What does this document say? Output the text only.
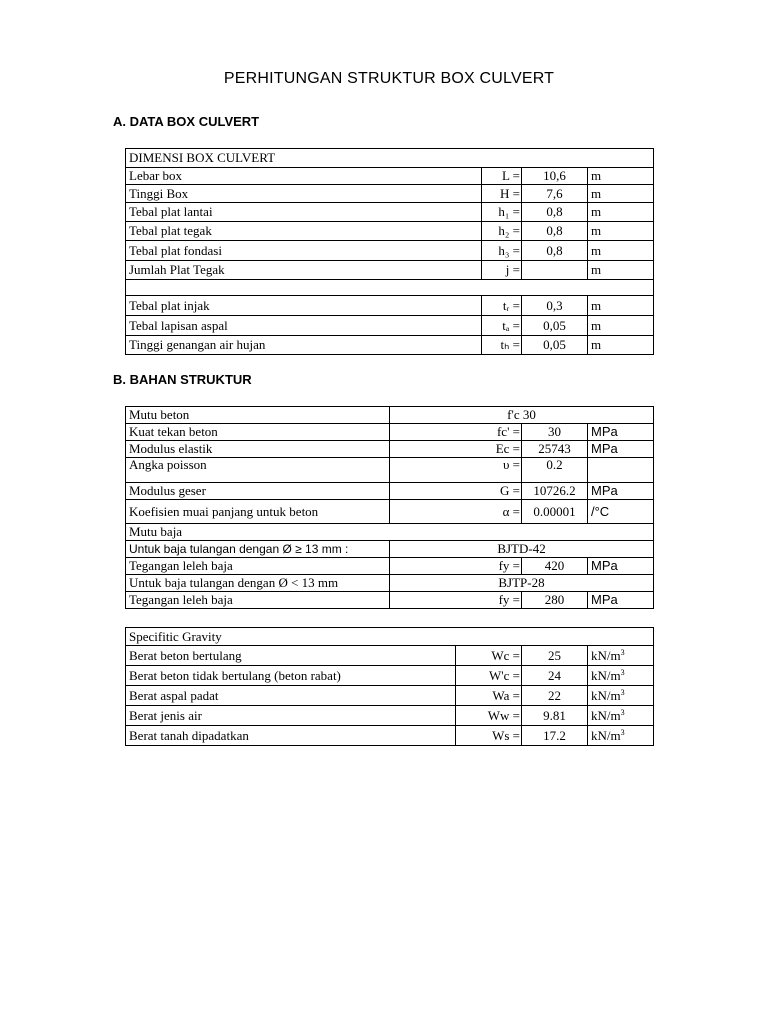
PERHITUNGAN STRUKTUR BOX CULVERT
A. DATA BOX CULVERT
DIMENSI BOX CULVERT			
Lebar box	L =	10,6	m
Tinggi Box	H =	7,6	m
Tebal plat lantai	h₁ =	0,8	m
Tebal plat tegak	h₂ =	0,8	m
Tebal plat fondasi	h₃ =	0,8	m
Jumlah Plat Tegak	j =		m

Tebal plat injak	tᵣ =	0,3	m
Tebal lapisan aspal	tₐ =	0,05	m
Tinggi genangan air hujan	tₕ =	0,05	m
B. BAHAN STRUKTUR
Mutu beton	f'c 30		
Kuat tekan beton	fc' =	30	MPa
Modulus elastik	Ec =	25743	MPa
Angka poisson	υ =	0.2	
Modulus geser	G =	10726.2	MPa
Koefisien muai panjang untuk beton	α =	0.00001	/°C
Mutu baja			
Untuk baja tulangan dengan Ø ≥ 13 mm :	BJTD-42		
Tegangan leleh baja	fy =	420	MPa
Untuk baja tulangan dengan Ø < 13 mm	BJTP-28		
Tegangan leleh baja	fy =	280	MPa
Specifitic Gravity			
Berat beton bertulang	Wc =	25	$kN/m^3$
Berat beton tidak bertulang (beton rabat)	W'c =	24	$kN/m^3$
Berat aspal padat	Wa =	22	$kN/m^3$
Berat jenis air	Ww =	9.81	$kN/m^3$
Berat tanah dipadatkan	Ws =	17.2	$kN/m^3$
